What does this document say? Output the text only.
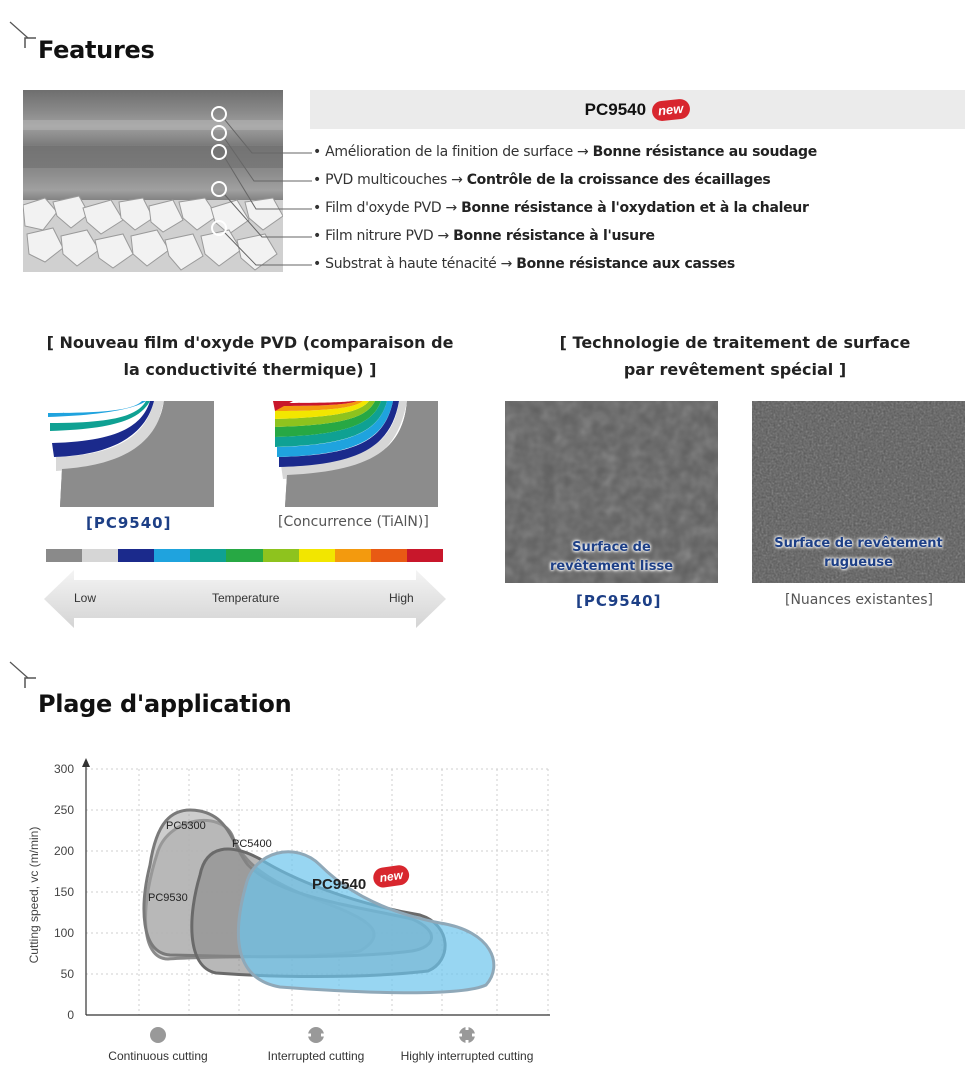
Features
PC9540 new
• Amélioration de la finition de surface → Bonne résistance au soudage
• PVD multicouches → Contrôle de la croissance des écaillages
• Film d'oxyde PVD → Bonne résistance à l'oxydation et à la chaleur
• Film nitrure PVD → Bonne résistance à l'usure
• Substrat à haute ténacité → Bonne résistance aux casses
[ Nouveau film d'oxyde PVD (comparaison de
la conductivité thermique) ]
[PC9540]	[Concurrence (TiAlN)]
Low	Temperature	High
[ Technologie de traitement de surface
par revêtement spécial ]
Surface de
revêtement lisse
Surface de revêtement
rugueuse
[PC9540]	[Nuances existantes]
Plage d'application
0
50
100
150
200
250
300
PC5300
PC5400
PC9530
PC9540 new
Cutting speed, vc (m/min)
Continuous cutting	Interrupted cutting	Highly interrupted cutting
